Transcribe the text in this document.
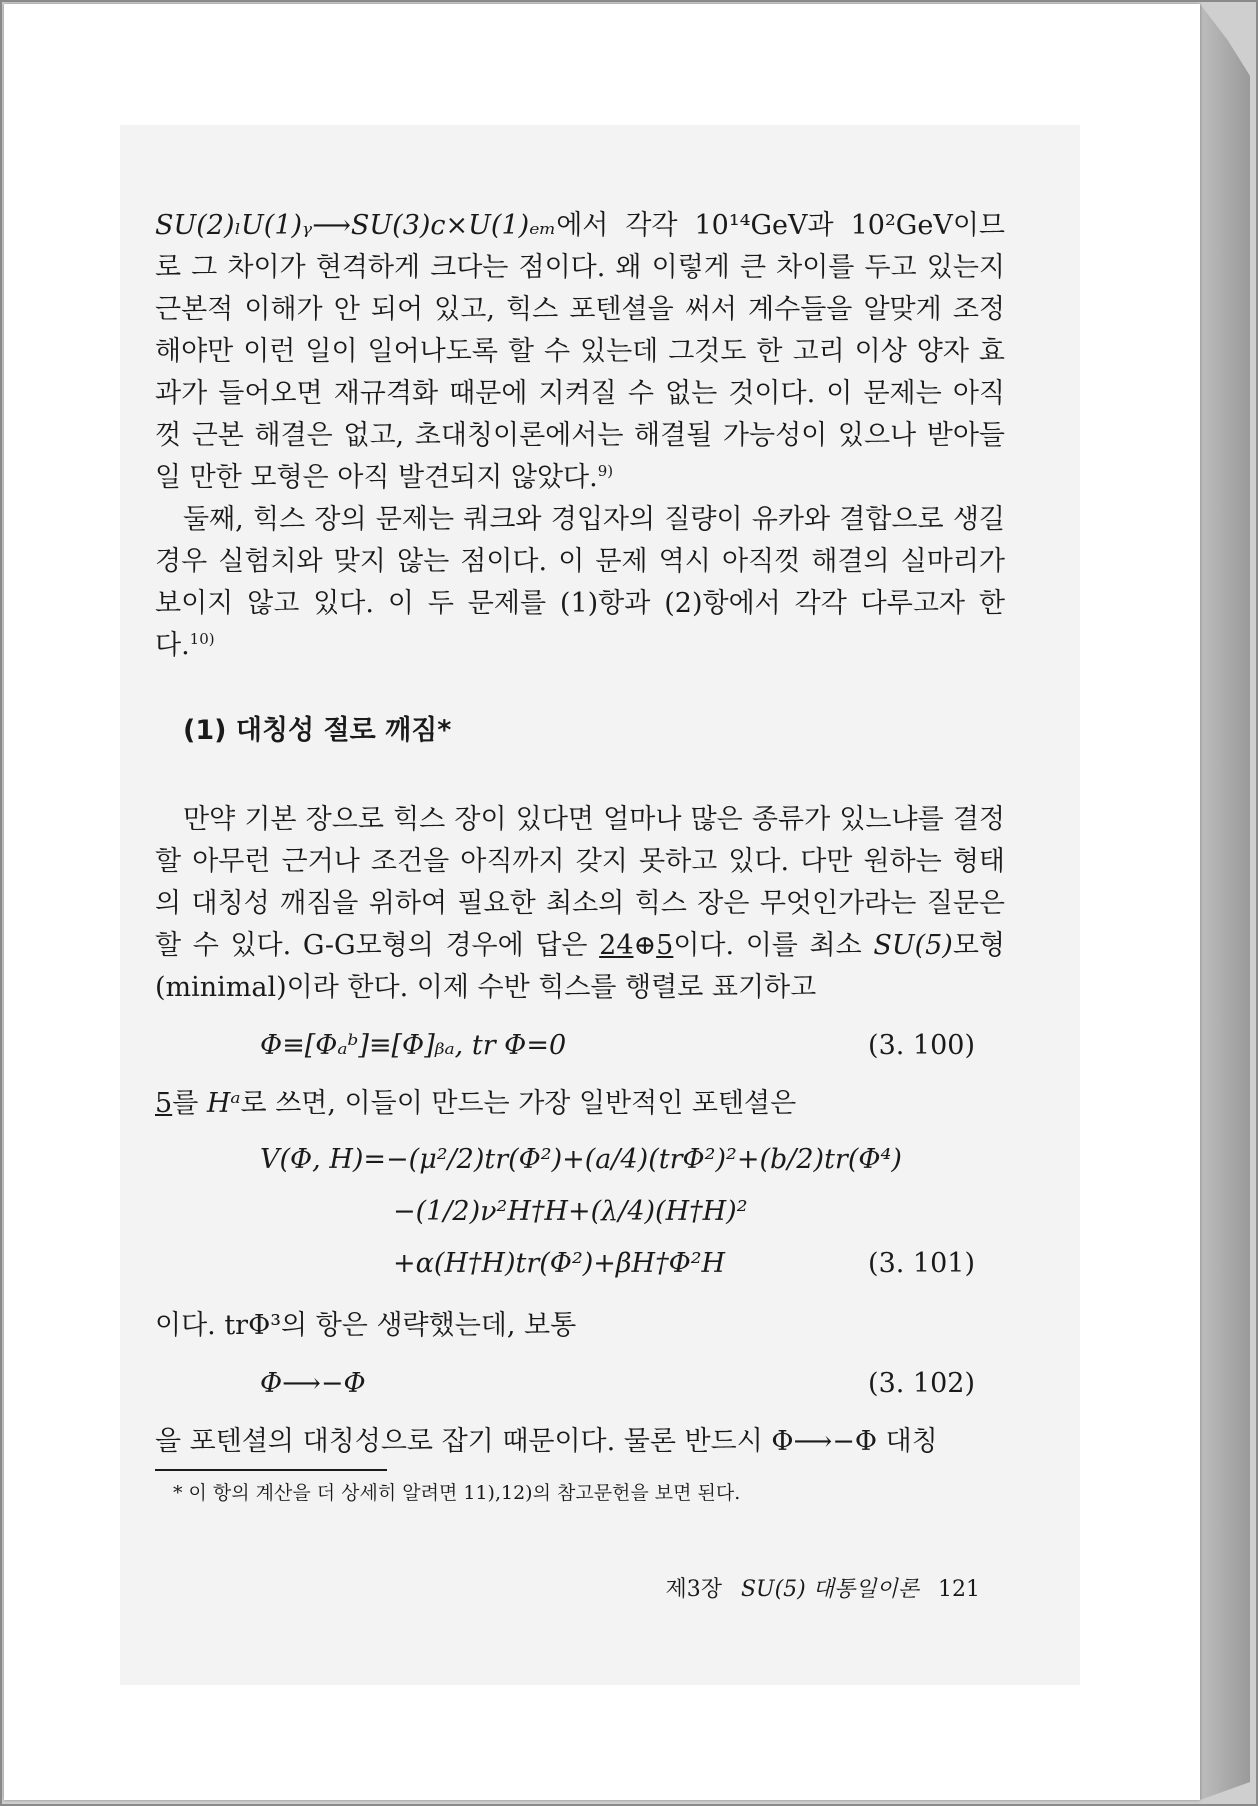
SU(2)ₗU(1)ᵧ⟶SU(3)ᴄ×U(1)ₑₘ에서 각각 10¹⁴GeV과 10²GeV이므로 그 차이가 현격하게 크다는 점이다. 왜 이렇게 큰 차이를 두고 있는지 근본적 이해가 안 되어 있고, 힉스 포텐셜을 써서 계수들을 알맞게 조정해야만 이런 일이 일어나도록 할 수 있는데 그것도 한 고리 이상 양자 효과가 들어오면 재규격화 때문에 지켜질 수 없는 것이다. 이 문제는 아직껏 근본 해결은 없고, 초대칭이론에서는 해결될 가능성이 있으나 받아들일 만한 모형은 아직 발견되지 않았다.$^{9)}$

둘째, 힉스 장의 문제는 쿼크와 경입자의 질량이 유카와 결합으로 생길 경우 실험치와 맞지 않는 점이다. 이 문제 역시 아직껏 해결의 실마리가 보이지 않고 있다. 이 두 문제를 (1)항과 (2)항에서 각각 다루고자 한다.$^{10)}$

(1) 대칭성 절로 깨짐*

만약 기본 장으로 힉스 장이 있다면 얼마나 많은 종류가 있느냐를 결정할 아무런 근거나 조건을 아직까지 갖지 못하고 있다. 다만 원하는 형태의 대칭성 깨짐을 위하여 필요한 최소의 힉스 장은 무엇인가라는 질문은 할 수 있다. G-G모형의 경우에 답은 24⊕5이다. 이를 최소 SU(5)모형(minimal)이라 한다. 이제 수반 힉스를 행렬로 표기하고

Φ≡[Φₐᵇ]≡[Φ]ᵦₐ, tr Φ=0	(3. 100)

5를 Hᵃ로 쓰면, 이들이 만드는 가장 일반적인 포텐셜은

V(Φ, H)=−(μ²/2)tr(Φ²)+(a/4)(trΦ²)²+(b/2)tr(Φ⁴)
−(1/2)ν²H†H+(λ/4)(H†H)²
+α(H†H)tr(Φ²)+βH†Φ²H	(3. 101)

이다. trΦ³의 항은 생략했는데, 보통

Φ⟶−Φ	(3. 102)

을 포텐셜의 대칭성으로 잡기 때문이다. 물론 반드시 Φ⟶−Φ 대칭

* 이 항의 계산을 더 상세히 알려면 11),12)의 참고문헌을 보면 된다.
제3장 SU(5) 대통일이론 121
